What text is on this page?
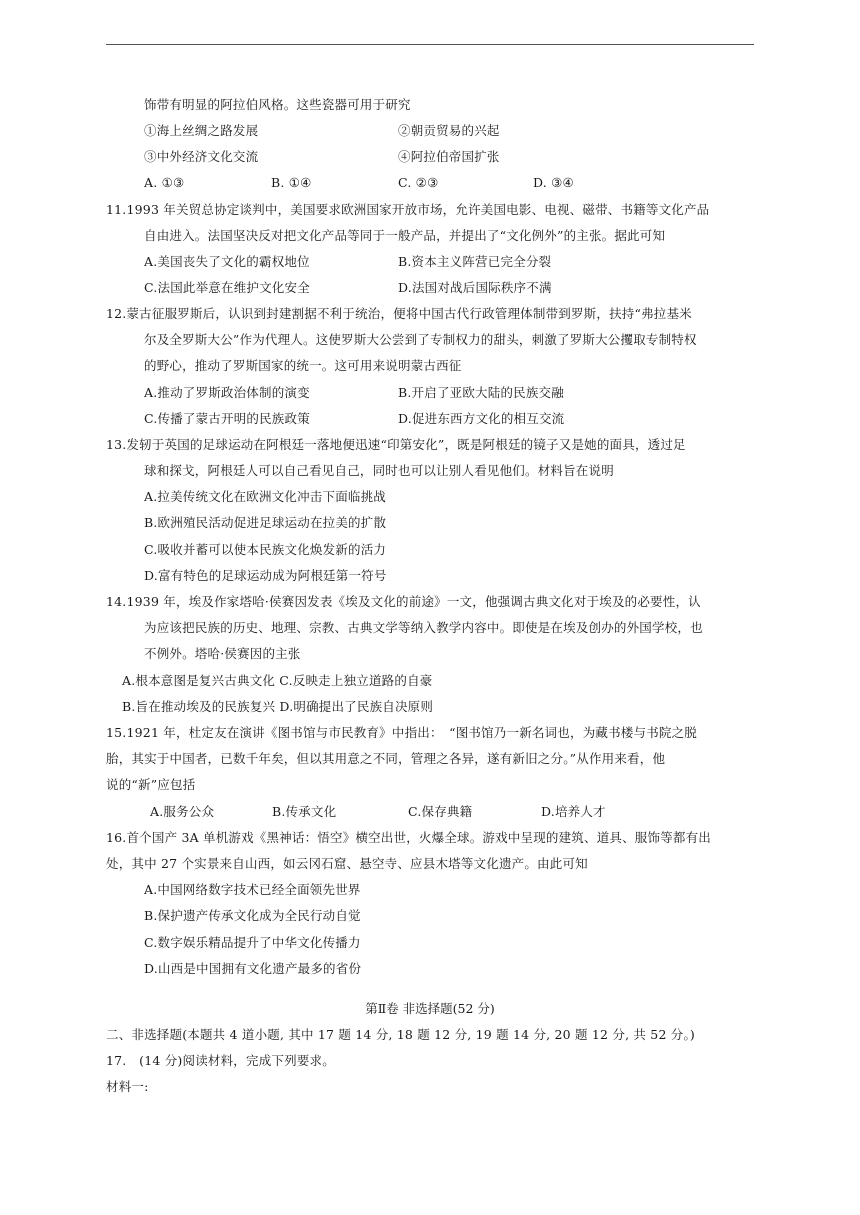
饰带有明显的阿拉伯风格。这些瓷器可用于研究
①海上丝绸之路发展	②朝贡贸易的兴起
③中外经济文化交流	④阿拉伯帝国扩张
A. ①③	B. ①④	C. ②③	D. ③④
11.1993 年关贸总协定谈判中，美国要求欧洲国家开放市场，允许美国电影、电视、磁带、书籍等文化产品
自由进入。法国坚决反对把文化产品等同于一般产品，并提出了“文化例外”的主张。据此可知
A.美国丧失了文化的霸权地位	B.资本主义阵营已完全分裂
C.法国此举意在维护文化安全	D.法国对战后国际秩序不满
12.蒙古征服罗斯后，认识到封建割据不利于统治，便将中国古代行政管理体制带到罗斯，扶持“弗拉基米
尔及全罗斯大公”作为代理人。这使罗斯大公尝到了专制权力的甜头，刺激了罗斯大公攫取专制特权
的野心，推动了罗斯国家的统一。这可用来说明蒙古西征
A.推动了罗斯政治体制的演变	B.开启了亚欧大陆的民族交融
C.传播了蒙古开明的民族政策	D.促进东西方文化的相互交流
13.发轫于英国的足球运动在阿根廷一落地便迅速“印第安化”，既是阿根廷的镜子又是她的面具，透过足
球和探戈，阿根廷人可以自己看见自己，同时也可以让别人看见他们。材料旨在说明
A.拉美传统文化在欧洲文化冲击下面临挑战
B.欧洲殖民活动促进足球运动在拉美的扩散
C.吸收并蓄可以使本民族文化焕发新的活力
D.富有特色的足球运动成为阿根廷第一符号
14.1939 年，埃及作家塔哈·侯赛因发表《埃及文化的前途》一文，他强调古典文化对于埃及的必要性，认
为应该把民族的历史、地理、宗教、古典文学等纳入教学内容中。即使是在埃及创办的外国学校，也
不例外。塔哈·侯赛因的主张
A.根本意图是复兴古典文化 C.反映走上独立道路的自豪
B.旨在推动埃及的民族复兴 D.明确提出了民族自决原则
15.1921 年，杜定友在演讲《图书馆与市民教育》中指出：　“图书馆乃一新名词也，为藏书楼与书院之脱
胎，其实于中国者，已数千年矣，但以其用意之不同，管理之各异，遂有新旧之分。”从作用来看，他
说的“新”应包括
A.服务公众	B.传承文化	C.保存典籍	D.培养人才
16.首个国产 3A 单机游戏《黑神话：悟空》横空出世，火爆全球。游戏中呈现的建筑、道具、服饰等都有出
处，其中 27 个实景来自山西，如云冈石窟、悬空寺、应县木塔等文化遗产。由此可知
A.中国网络数字技术已经全面领先世界
B.保护遗产传承文化成为全民行动自觉
C.数字娱乐精品提升了中华文化传播力
D.山西是中国拥有文化遗产最多的省份
第Ⅱ卷 非选择题(52 分)
二、非选择题(本题共 4 道小题, 其中 17 题 14 分, 18 题 12 分, 19 题 14 分, 20 题 12 分, 共 52 分。)
17.　(14 分)阅读材料，完成下列要求。
材料一:
